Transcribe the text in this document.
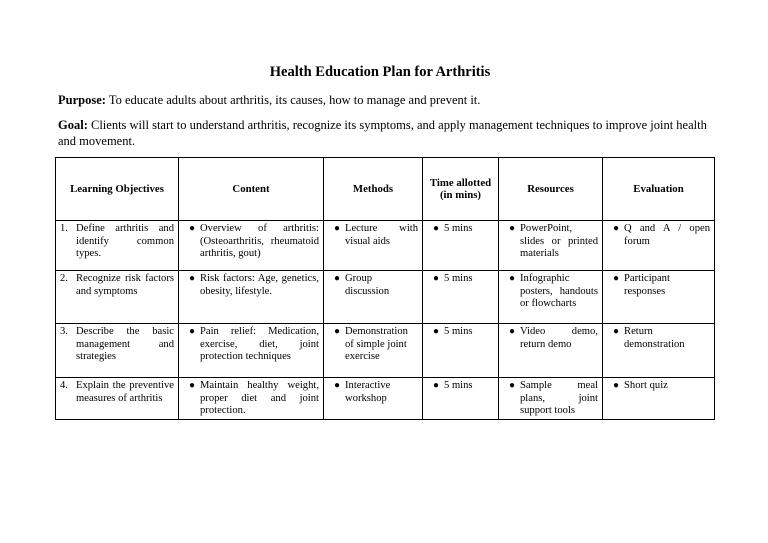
Health Education Plan for Arthritis
Purpose: To educate adults about arthritis, its causes, how to manage and prevent it.
Goal: Clients will start to understand arthritis, recognize its symptoms, and apply management techniques to improve joint health and movement.
Learning Objectives	Content	Methods	Time allotted (in mins)	Resources	Evaluation

1. Define arthritis and identify common types.	● Overview of arthritis: (Osteoarthritis, rheumatoid arthritis, gout)	● Lecture with visual aids	● 5 mins	● PowerPoint, slides or printed materials	● Q and A / open forum

2. Recognize risk factors and symptoms	● Risk factors: Age, genetics, obesity, lifestyle.	● Group discussion	● 5 mins	● Infographic posters, handouts or flowcharts	● Participant responses

3. Describe the basic management and strategies	● Pain relief: Medication, exercise, diet, joint protection techniques	● Demonstration of simple joint exercise	● 5 mins	● Video demo, return demo	● Return demonstration

4. Explain the preventive measures of arthritis	● Maintain healthy weight, proper diet and joint protection.	● Interactive workshop	● 5 mins	● Sample meal plans, joint support tools	● Short quiz
